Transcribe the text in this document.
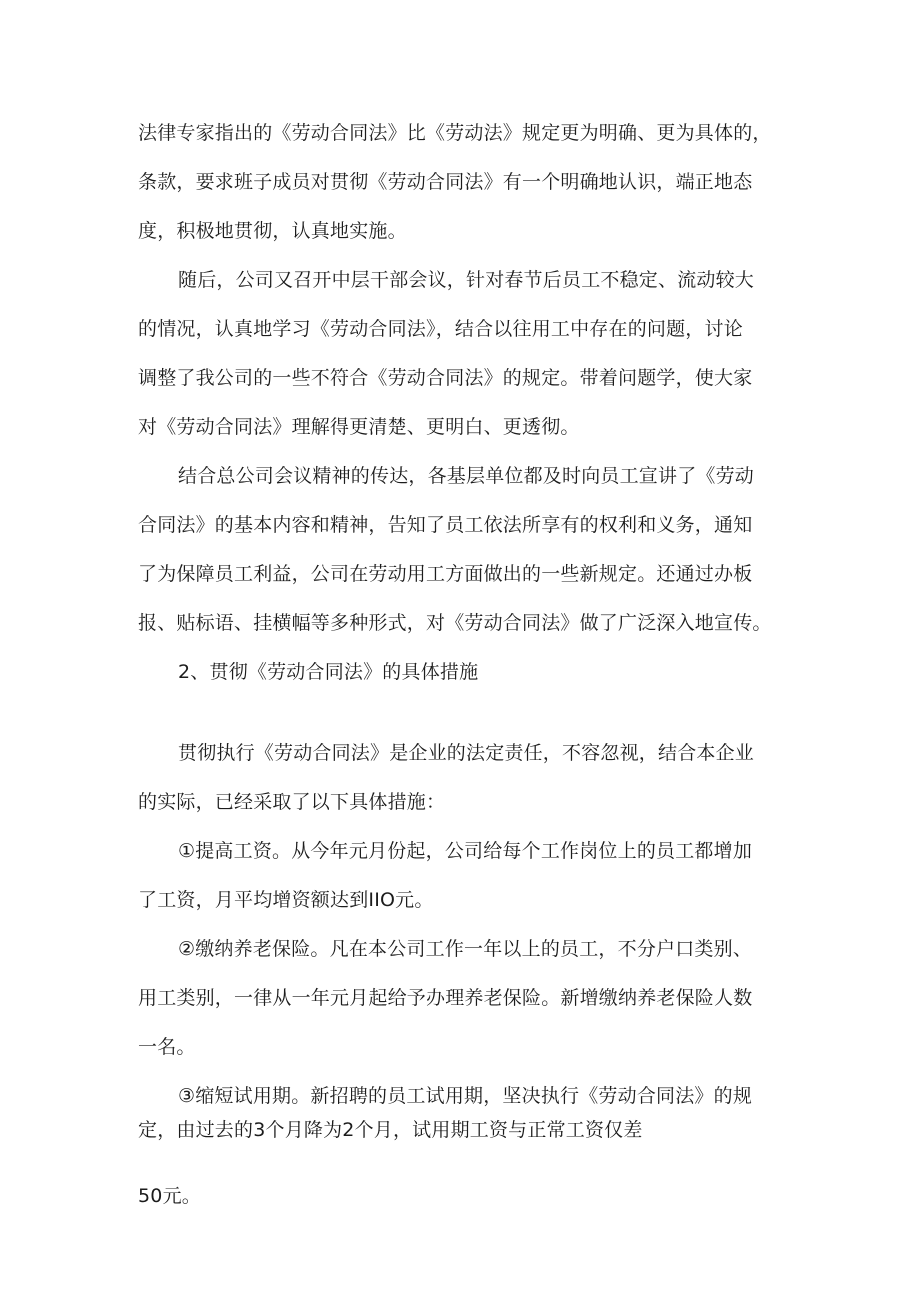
法律专家指出的《劳动合同法》比《劳动法》规定更为明确、更为具体的，
条款，要求班子成员对贯彻《劳动合同法》有一个明确地认识，端正地态
度，积极地贯彻，认真地实施。
随后，公司又召开中层干部会议，针对春节后员工不稳定、流动较大
的情况，认真地学习《劳动合同法》，结合以往用工中存在的问题，讨论
调整了我公司的一些不符合《劳动合同法》的规定。带着问题学，使大家
对《劳动合同法》理解得更清楚、更明白、更透彻。
结合总公司会议精神的传达，各基层单位都及时向员工宣讲了《劳动
合同法》的基本内容和精神，告知了员工依法所享有的权利和义务，通知
了为保障员工利益，公司在劳动用工方面做出的一些新规定。还通过办板
报、贴标语、挂横幅等多种形式，对《劳动合同法》做了广泛深入地宣传。
2、贯彻《劳动合同法》的具体措施
贯彻执行《劳动合同法》是企业的法定责任，不容忽视，结合本企业
的实际，已经采取了以下具体措施：
①提高工资。从今年元月份起，公司给每个工作岗位上的员工都增加
了工资，月平均增资额达到IIO元。
②缴纳养老保险。凡在本公司工作一年以上的员工，不分户口类别、
用工类别，一律从一年元月起给予办理养老保险。新增缴纳养老保险人数
一名。
③缩短试用期。新招聘的员工试用期，坚决执行《劳动合同法》的规
定，由过去的3个月降为2个月，试用期工资与正常工资仅差
50元。
